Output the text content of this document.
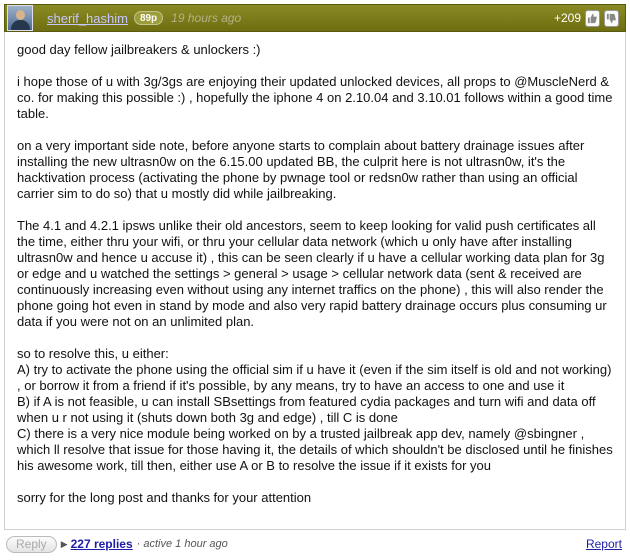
sherif_hashim	89p	19 hours ago	+209

good day fellow jailbreakers & unlockers :)

i hope those of u with 3g/3gs are enjoying their updated unlocked devices, all props to @MuscleNerd & co. for making this possible :) , hopefully the iphone 4 on 2.10.04 and 3.10.01 follows within a good time table.

on a very important side note, before anyone starts to complain about battery drainage issues after installing the new ultrasn0w on the 6.15.00 updated BB, the culprit here is not ultrasn0w, it's the hacktivation process (activating the phone by pwnage tool or redsn0w rather than using an official carrier sim to do so) that u mostly did while jailbreaking.

The 4.1 and 4.2.1 ipsws unlike their old ancestors, seem to keep looking for valid push certificates all the time, either thru your wifi, or thru your cellular data network (which u only have after installing ultrasn0w and hence u accuse it) , this can be seen clearly if u have a cellular working data plan for 3g or edge and u watched the settings > general > usage > cellular network data (sent & received are continuously increasing even without using any internet traffics on the phone) , this will also render the phone going hot even in stand by mode and also very rapid battery drainage occurs plus consuming ur data if you were not on an unlimited plan.

so to resolve this, u either:

A) try to activate the phone using the official sim if u have it (even if the sim itself is old and not working) , or borrow it from a friend if it's possible, by any means, try to have an access to one and use it

B) if A is not feasible, u can install SBsettings from featured cydia packages and turn wifi and data off when u r not using it (shuts down both 3g and edge) , till C is done

C) there is a very nice module being worked on by a trusted jailbreak app dev, namely @sbingner , which ll resolve that issue for those having it, the details of which shouldn't be disclosed until he finishes his awesome work, till then, either use A or B to resolve the issue if it exists for you

sorry for the long post and thanks for your attention

Reply	▶ 227 replies · active 1 hour ago	Report
